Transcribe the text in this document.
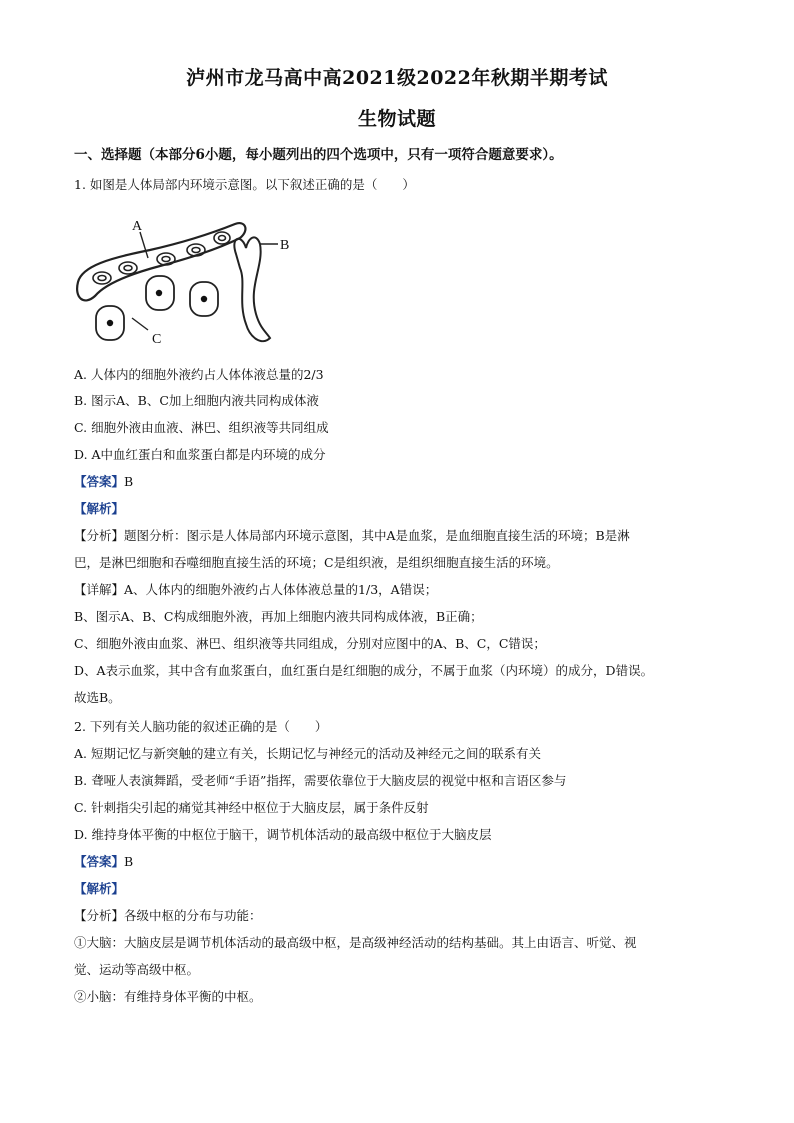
泸州市龙马高中高2021级2022年秋期半期考试
生物试题
一、选择题（本部分6小题，每小题列出的四个选项中，只有一项符合题意要求）。
1. 如图是人体局部内环境示意图。以下叙述正确的是（　　）
A
C
B
A. 人体内的细胞外液约占人体体液总量的2/3
B. 图示A、B、C加上细胞内液共同构成体液
C. 细胞外液由血液、淋巴、组织液等共同组成
D. A中血红蛋白和血浆蛋白都是内环境的成分
【答案】B
【解析】
【分析】题图分析：图示是人体局部内环境示意图，其中A是血浆，是血细胞直接生活的环境；B是淋
巴，是淋巴细胞和吞噬细胞直接生活的环境；C是组织液，是组织细胞直接生活的环境。
【详解】A、人体内的细胞外液约占人体体液总量的1/3，A错误；
B、图示A、B、C构成细胞外液，再加上细胞内液共同构成体液，B正确；
C、细胞外液由血浆、淋巴、组织液等共同组成，分别对应图中的A、B、C，C错误；
D、A表示血浆，其中含有血浆蛋白，血红蛋白是红细胞的成分，不属于血浆（内环境）的成分，D错误。
故选B。
2. 下列有关人脑功能的叙述正确的是（　　）
A. 短期记忆与新突触的建立有关，长期记忆与神经元的活动及神经元之间的联系有关
B. 聋哑人表演舞蹈，受老师“手语”指挥，需要依靠位于大脑皮层的视觉中枢和言语区参与
C. 针刺指尖引起的痛觉其神经中枢位于大脑皮层，属于条件反射
D. 维持身体平衡的中枢位于脑干，调节机体活动的最高级中枢位于大脑皮层
【答案】B
【解析】
【分析】各级中枢的分布与功能：
①大脑：大脑皮层是调节机体活动的最高级中枢，是高级神经活动的结构基础。其上由语言、听觉、视
觉、运动等高级中枢。
②小脑：有维持身体平衡的中枢。
